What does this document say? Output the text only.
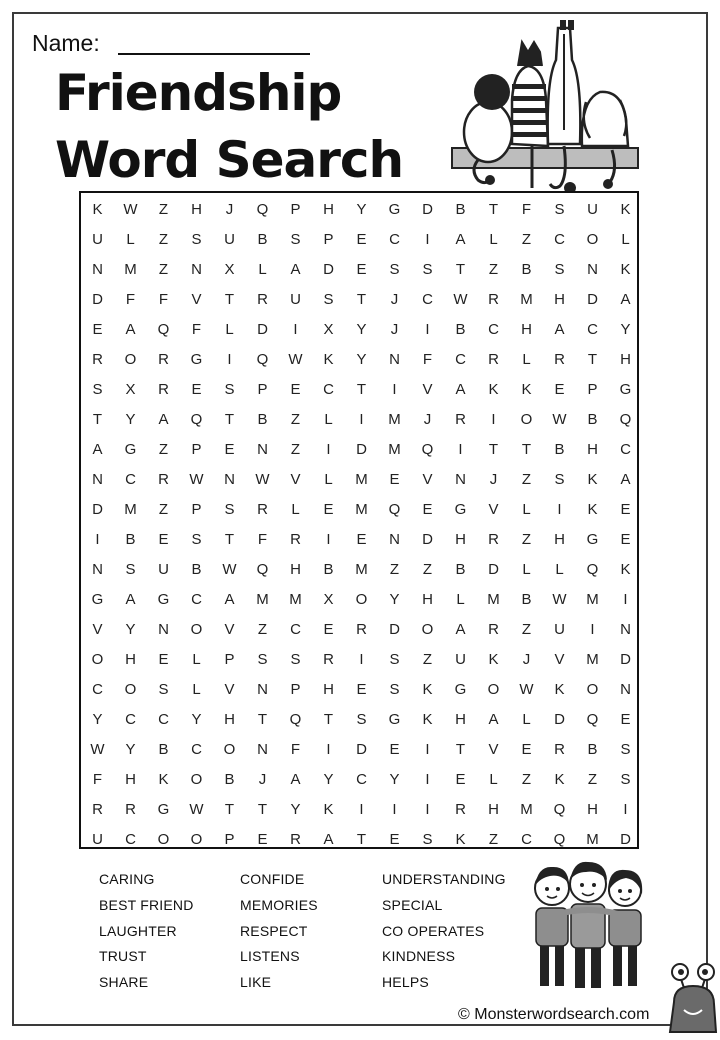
Name:
Friendship
Word Search
K	W	Z	H	J	Q	P	H	Y	G	D	B	T	F	S	U	K
U	L	Z	S	U	B	S	P	E	C	I	A	L	Z	C	O	L
N	M	Z	N	X	L	A	D	E	S	S	T	Z	B	S	N	K
D	F	F	V	T	R	U	S	T	J	C	W	R	M	H	D	A
E	A	Q	F	L	D	I	X	Y	J	I	B	C	H	A	C	Y
R	O	R	G	I	Q	W	K	Y	N	F	C	R	L	R	T	H
S	X	R	E	S	P	E	C	T	I	V	A	K	K	E	P	G
T	Y	A	Q	T	B	Z	L	I	M	J	R	I	O	W	B	Q
A	G	Z	P	E	N	Z	I	D	M	Q	I	T	T	B	H	C
N	C	R	W	N	W	V	L	M	E	V	N	J	Z	S	K	A
D	M	Z	P	S	R	L	E	M	Q	E	G	V	L	I	K	E
I	B	E	S	T	F	R	I	E	N	D	H	R	Z	H	G	E
N	S	U	B	W	Q	H	B	M	Z	Z	B	D	L	L	Q	K
G	A	G	C	A	M	M	X	O	Y	H	L	M	B	W	M	I
V	Y	N	O	V	Z	C	E	R	D	O	A	R	Z	U	I	N
O	H	E	L	P	S	S	R	I	S	Z	U	K	J	V	M	D
C	O	S	L	V	N	P	H	E	S	K	G	O	W	K	O	N
Y	C	C	Y	H	T	Q	T	S	G	K	H	A	L	D	Q	E
W	Y	B	C	O	N	F	I	D	E	I	T	V	E	R	B	S
F	H	K	O	B	J	A	Y	C	Y	I	E	L	Z	K	Z	S
R	R	G	W	T	T	Y	K	I	I	I	R	H	M	Q	H	I
U	C	O	O	P	E	R	A	T	E	S	K	Z	C	Q	M	D
CARING
BEST FRIEND
LAUGHTER
TRUST
SHARE
CONFIDE
MEMORIES
RESPECT
LISTENS
LIKE
UNDERSTANDING
SPECIAL
CO OPERATES
KINDNESS
HELPS
© Monsterwordsearch.com
